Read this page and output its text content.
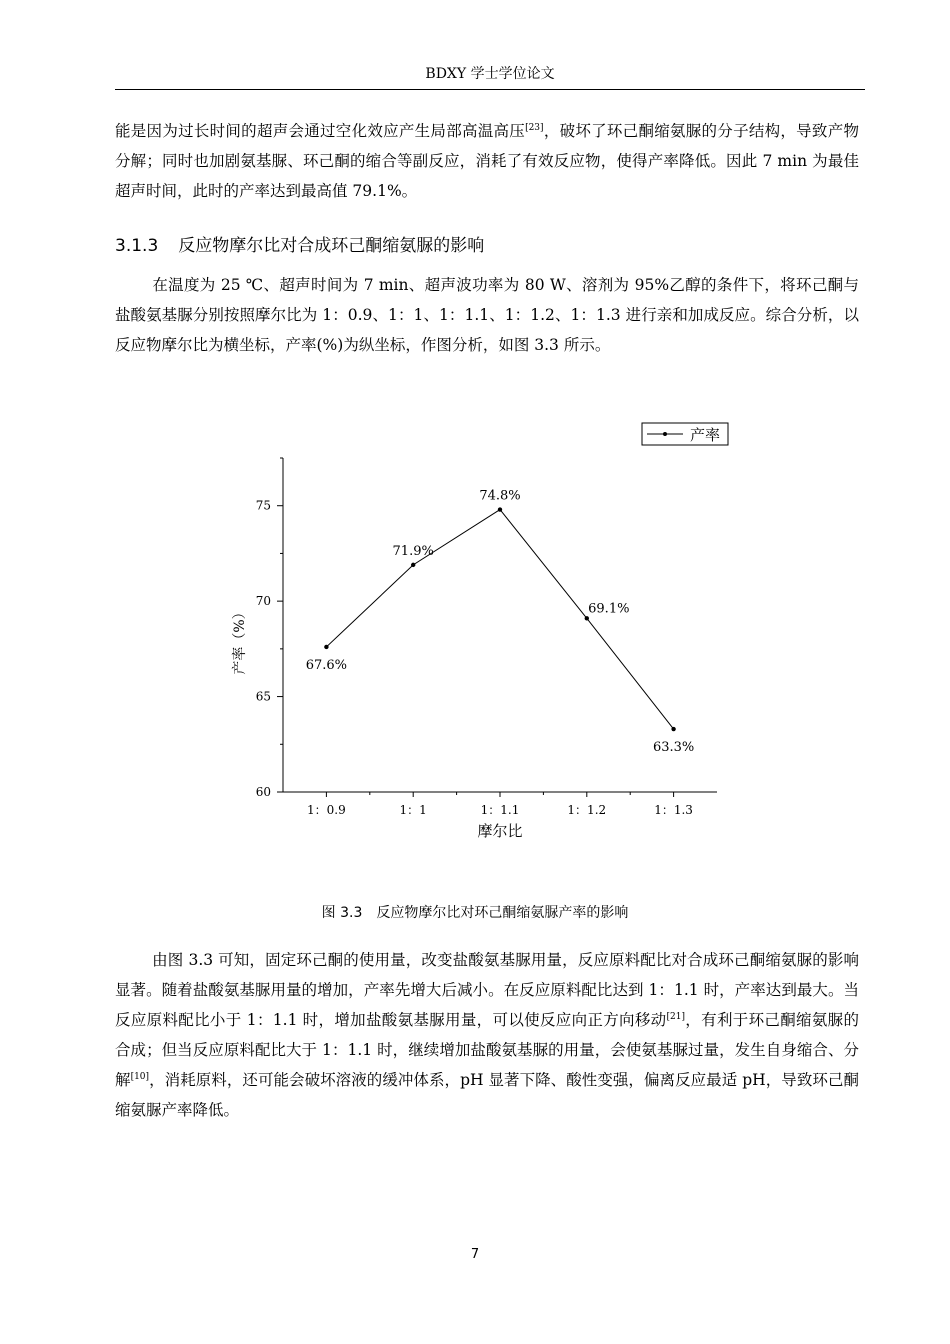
BDXY 学士学位论文

能是因为过长时间的超声会通过空化效应产生局部高温高压[23]，破坏了环己酮缩氨脲的分子结构，导致产物分解；同时也加剧氨基脲、环己酮的缩合等副反应，消耗了有效反应物，使得产率降低。因此 7 min 为最佳超声时间，此时的产率达到最高值 79.1%。

3.1.3 反应物摩尔比对合成环己酮缩氨脲的影响

在温度为 25 ℃、超声时间为 7 min、超声波功率为 80 W、溶剂为 95%乙醇的条件下，将环己酮与盐酸氨基脲分别按照摩尔比为 1：0.9、1：1、1：1.1、1：1.2、1：1.3 进行亲和加成反应。综合分析，以反应物摩尔比为横坐标，产率(%)为纵坐标，作图分析，如图 3.3 所示。

产率
60
65
70
75
1：0.9	1：1	1：1.1	1：1.2	1：1.3
67.6%
71.9%
74.8%
69.1%
63.3%
摩尔比
产率（%）
图 3.3 反应物摩尔比对环己酮缩氨脲产率的影响

由图 3.3 可知，固定环己酮的使用量，改变盐酸氨基脲用量，反应原料配比对合成环己酮缩氨脲的影响显著。随着盐酸氨基脲用量的增加，产率先增大后减小。在反应原料配比达到 1：1.1 时，产率达到最大。当反应原料配比小于 1：1.1 时，增加盐酸氨基脲用量，可以使反应向正方向移动[21]，有利于环己酮缩氨脲的合成；但当反应原料配比大于 1：1.1 时，继续增加盐酸氨基脲的用量，会使氨基脲过量，发生自身缩合、分解[10]，消耗原料，还可能会破坏溶液的缓冲体系，pH 显著下降、酸性变强，偏离反应最适 pH，导致环己酮缩氨脲产率降低。

7
